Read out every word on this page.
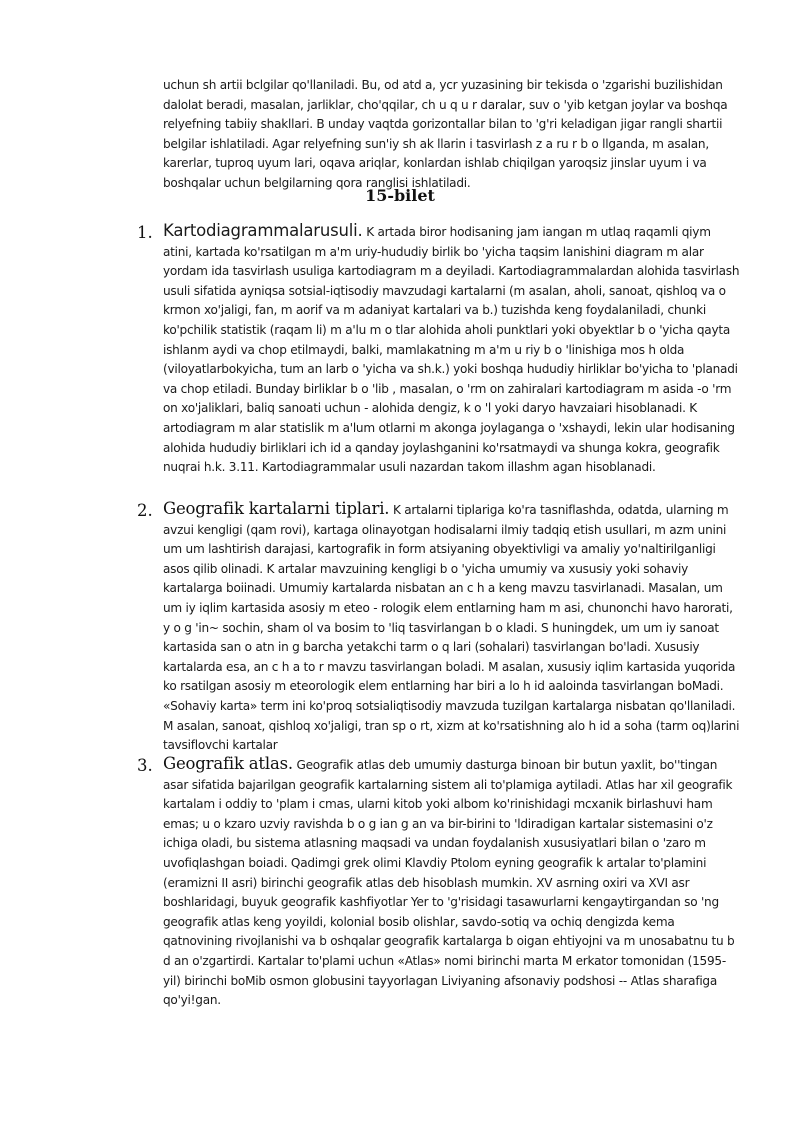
uchun sh artii bclgilar qo'llaniladi. Bu, od atd a, ycr yuzasining bir tekisda o 'zgarishi buzilishidan dalolat beradi, masalan, jarliklar, cho'qqilar, ch u q u r daralar, suv o 'yib ketgan joylar va boshqa relyefning tabiiy shakllari. B unday vaqtda gorizontallar bilan to 'g'ri keladigan jigar rangli shartii belgilar ishlatiladi. Agar relyefning sun'iy sh ak llarin i tasvirlash z a ru r b o llganda, m asalan, karerlar, tuproq uyum lari, oqava ariqlar, konlardan ishlab chiqilgan yaroqsiz jinslar uyum i va boshqalar uchun belgilarning qora ranglisi ishlatiladi.

15-bilet
1. Kartodiagrammalarusuli. K artada biror hodisaning jam iangan m utlaq raqamli qiym atini, kartada ko'rsatilgan m a'm uriy-hududiy birlik bo 'yicha taqsim lanishini diagram m alar yordam ida tasvirlash usuliga kartodiagram m a deyiladi. Kartodiagrammalardan alohida tasvirlash usuli sifatida ayniqsa sotsial-iqtisodiy mavzudagi kartalarni (m asalan, aholi, sanoat, qishloq va o krmon xo'jaligi, fan, m aorif va m adaniyat kartalari va b.) tuzishda keng foydalaniladi, chunki ko'pchilik statistik (raqam li) m a'lu m o tlar alohida aholi punktlari yoki obyektlar b o 'yicha qayta ishlanm aydi va chop etilmaydi, balki, mamlakatning m a'm u riy b o 'linishiga mos h olda (viloyatlarbokyicha, tum an larb o 'yicha va sh.k.) yoki boshqa hududiy hirliklar bo'yicha to 'planadi va chop etiladi. Bunday birliklar b o 'lib , masalan, o 'rm on zahiralari kartodiagram m asida -o 'rm on xo'jaliklari, baliq sanoati uchun - alohida dengiz, k o 'l yoki daryo havzaiari hisoblanadi. K artodiagram m alar statislik m a'lum otlarni m akonga joylaganga o 'xshaydi, lekin ular hodisaning alohida hududiy birliklari ich id a qanday joylashganini ko'rsatmaydi va shunga kokra, geografik nuqrai h.k. 3.11. Kartodiagrammalar usuli nazardan takom illashm agan hisoblanadi.

2. Geografik kartalarni tiplari. K artalarni tiplariga ko'ra tasniflashda, odatda, ularning m avzui kengligi (qam rovi), kartaga olinayotgan hodisalarni ilmiy tadqiq etish usullari, m azm unini um um lashtirish darajasi, kartografik in form atsiyaning obyektivligi va amaliy yo'naltirilganligi asos qilib olinadi. K artalar mavzuining kengligi b o 'yicha umumiy va xususiy yoki sohaviy kartalarga boiinadi. Umumiy kartalarda nisbatan an c h a keng mavzu tasvirlanadi. Masalan, um um iy iqlim kartasida asosiy m eteo - rologik elem entlarning ham m asi, chunonchi havo harorati, y o g 'in~ sochin, sham ol va bosim to 'liq tasvirlangan b o kladi. S huningdek, um um iy sanoat kartasida san o atn in g barcha yetakchi tarm o q lari (sohalari) tasvirlangan bo'ladi. Xususiy kartalarda esa, an c h a to r mavzu tasvirlangan boladi. M asalan, xususiy iqlim kartasida yuqorida ko rsatilgan asosiy m eteorologik elem entlarning har biri a lo h id aaloinda tasvirlangan boMadi. «Sohaviy karta» term ini ko'proq sotsialiqtisodiy mavzuda tuzilgan kartalarga nisbatan qo'llaniladi. M asalan, sanoat, qishloq xo'jaligi, tran sp o rt, xizm at ko'rsatishning alo h id a soha (tarm oq)larini tavsiflovchi kartalar

3. Geografik atlas. Geografik atlas deb umumiy dasturga binoan bir butun yaxlit, bo''tingan asar sifatida bajarilgan geografik kartalarning sistem ali to'plamiga aytiladi. Atlas har xil geografik kartalam i oddiy to 'plam i cmas, ularni kitob yoki albom ko'rinishidagi mcxanik birlashuvi ham emas; u o kzaro uzviy ravishda b o g ian g an va bir-birini to 'ldiradigan kartalar sistemasini o'z ichiga oladi, bu sistema atlasning maqsadi va undan foydalanish xususiyatlari bilan o 'zaro m uvofiqlashgan boiadi. Qadimgi grek olimi Klavdiy Ptolom eyning geografik k artalar to'plamini (eramizni II asri) birinchi geografik atlas deb hisoblash mumkin. XV asrning oxiri va XVI asr boshlaridagi, buyuk geografik kashfiyotlar Yer to 'g'risidagi tasawurlarni kengaytirgandan so 'ng geografik atlas keng yoyildi, kolonial bosib olishlar, savdo-sotiq va ochiq dengizda kema qatnovining rivojlanishi va b oshqalar geografik kartalarga b oigan ehtiyojni va m unosabatnu tu b d an o'zgartirdi. Kartalar to'plami uchun «Atlas» nomi birinchi marta M erkator tomonidan (1595-yil) birinchi boMib osmon globusini tayyorlagan Liviyaning afsonaviy podshosi -- Atlas sharafiga qo'yi!gan.
